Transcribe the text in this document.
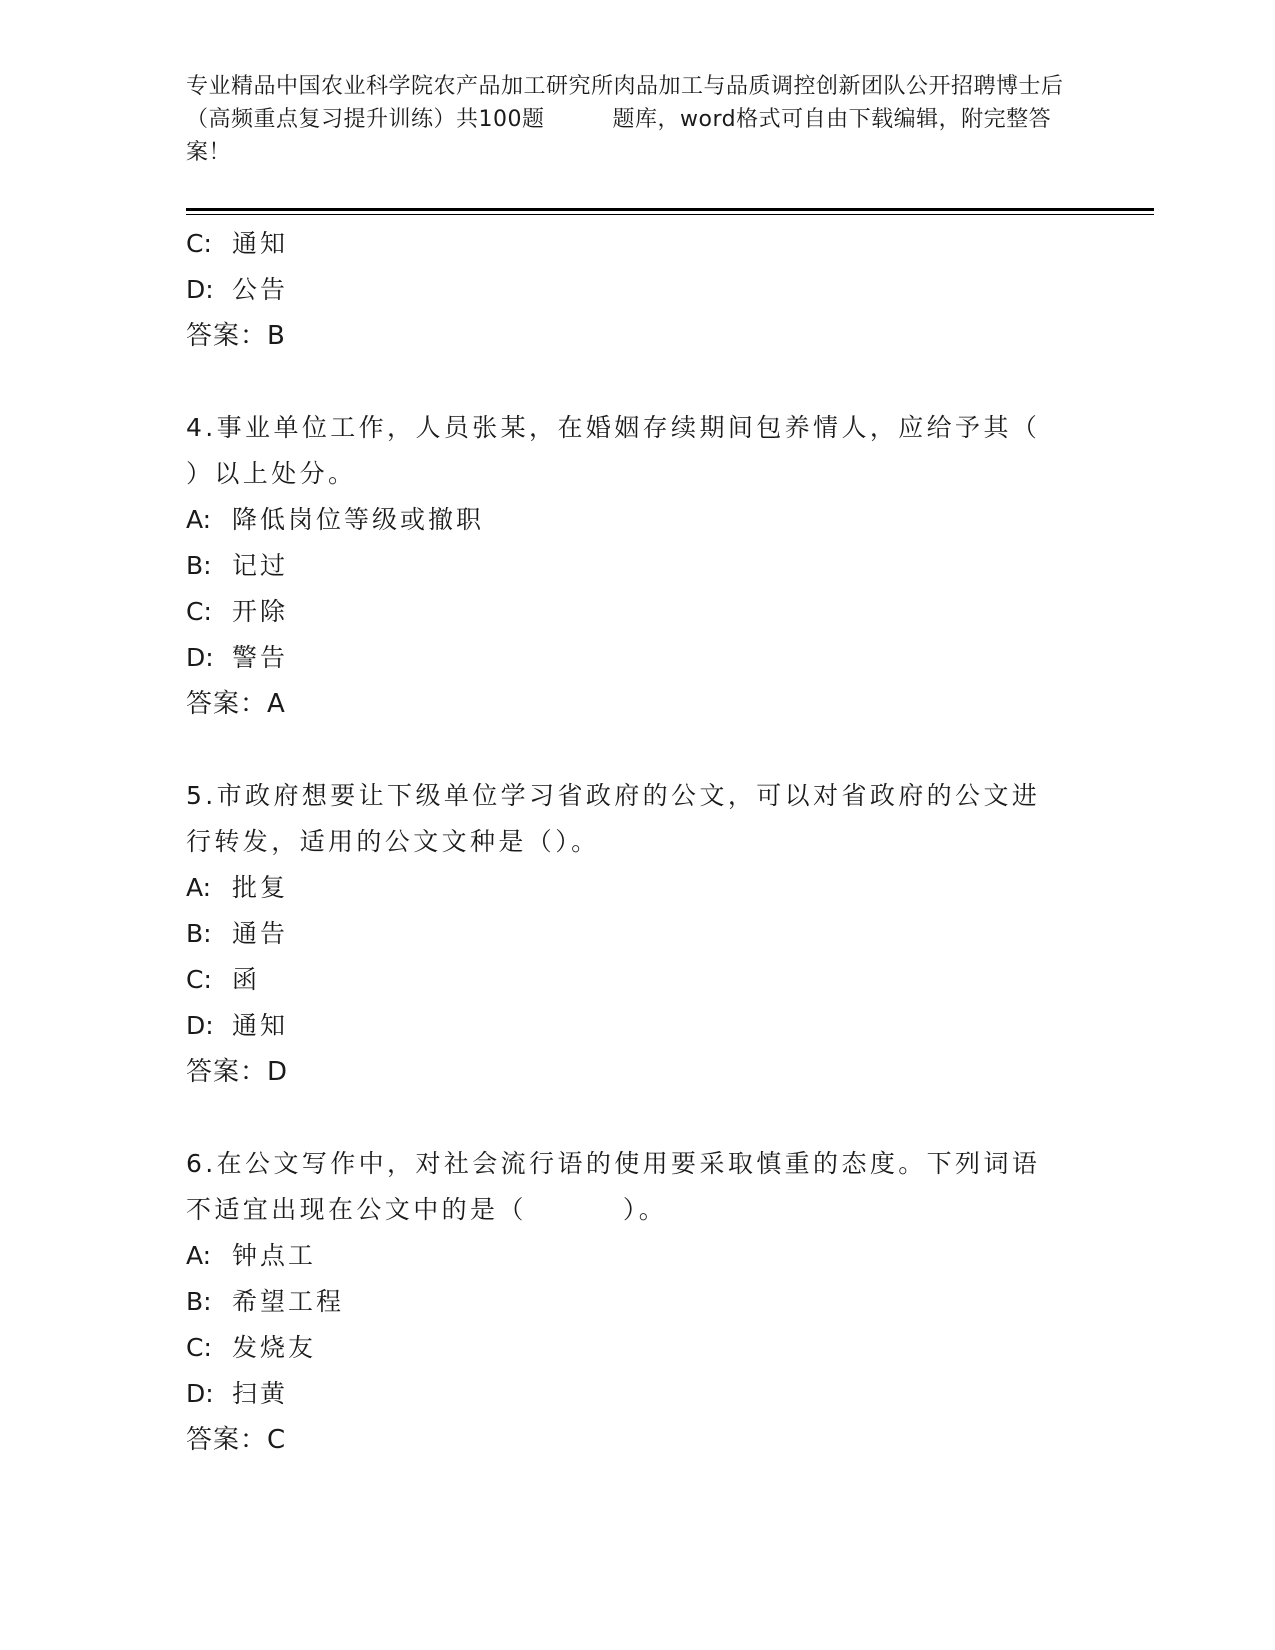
专业精品中国农业科学院农产品加工研究所肉品加工与品质调控创新团队公开招聘博士后（高频重点复习提升训练）共100题	题库，word格式可自由下载编辑，附完整答案！
C: 通知
D: 公告
答案：B
4.事业单位工作，人员张某，在婚姻存续期间包养情人，应给予其（
）以上处分。
A: 降低岗位等级或撤职
B: 记过
C: 开除
D: 警告
答案：A
5.市政府想要让下级单位学习省政府的公文，可以对省政府的公文进
行转发，适用的公文文种是（）。
A: 批复
B: 通告
C: 函
D: 通知
答案：D
6.在公文写作中，对社会流行语的使用要采取慎重的态度。下列词语
不适宜出现在公文中的是（	）。
A: 钟点工
B: 希望工程
C: 发烧友
D: 扫黄
答案：C
